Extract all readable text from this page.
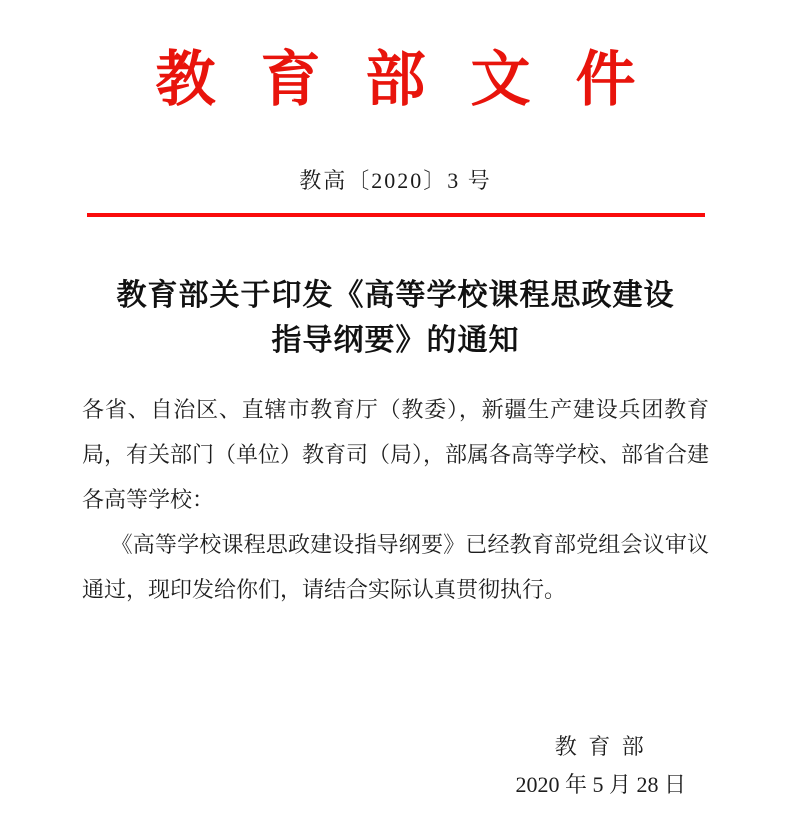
教育部文件
教高〔2020〕3 号
教育部关于印发《高等学校课程思政建设
指导纲要》的通知

各省、自治区、直辖市教育厅（教委），新疆生产建设兵团教育局，有关部门（单位）教育司（局），部属各高等学校、部省合建各高等学校：

《高等学校课程思政建设指导纲要》已经教育部党组会议审议通过，现印发给你们，请结合实际认真贯彻执行。

教 育 部
2020 年 5 月 28 日
